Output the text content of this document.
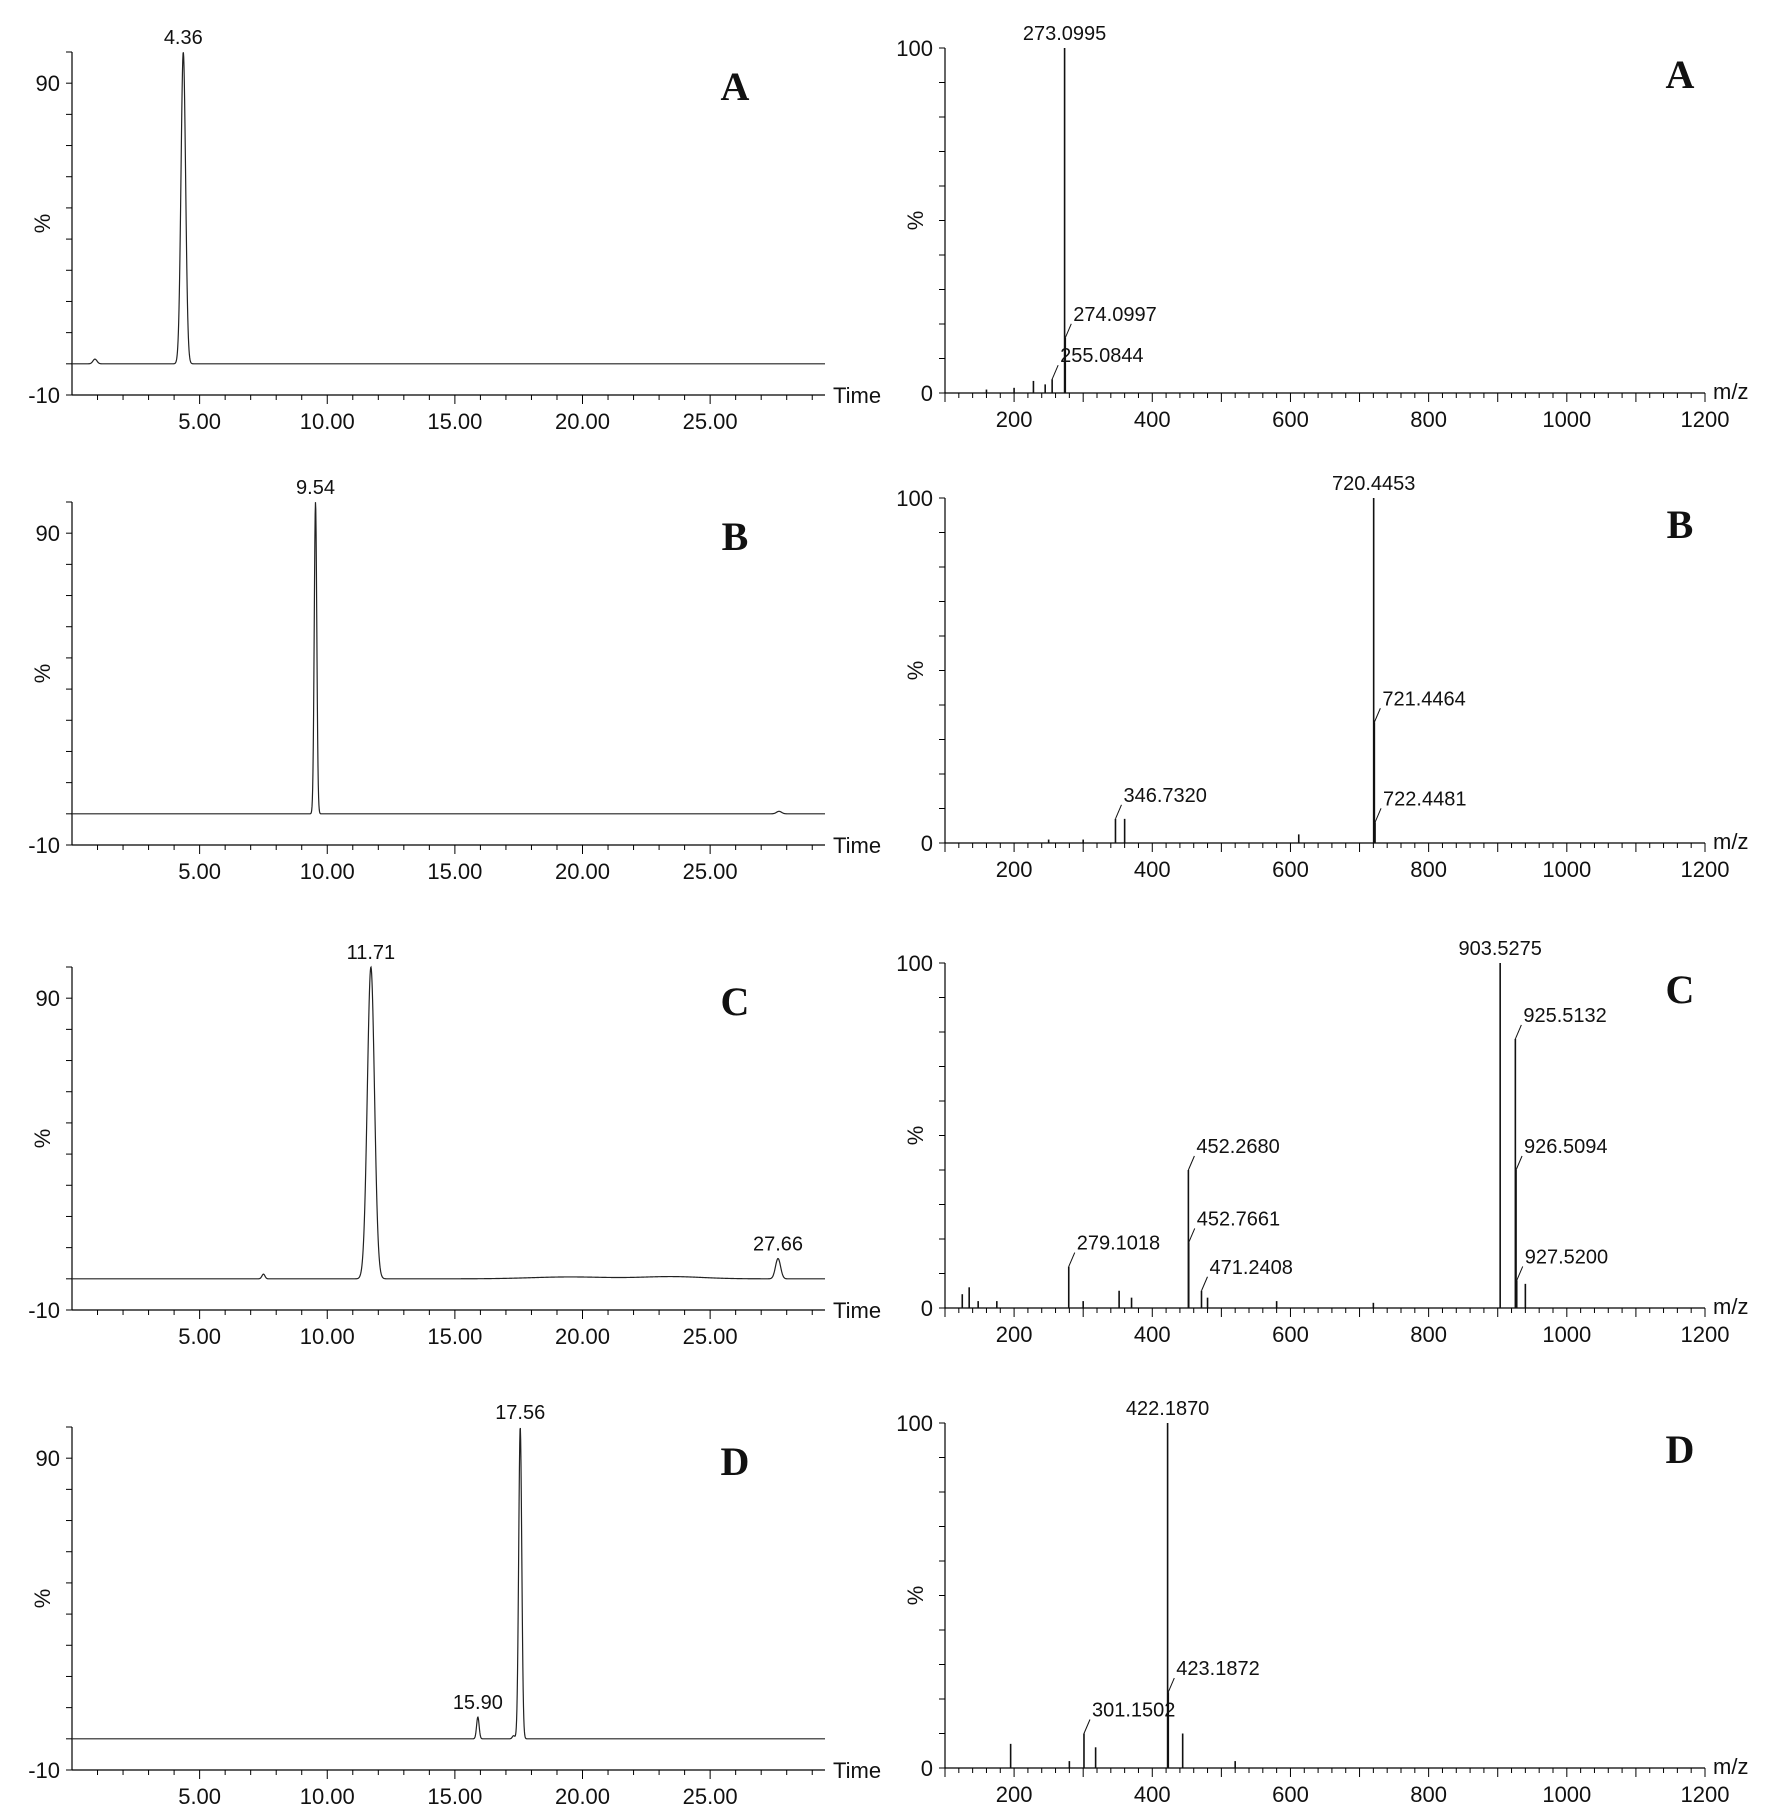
5.00	10.00	15.00	20.00	25.00
-10
90
%
Time
A
4.36
200	400	600	800	1000	1200
0
100
%
m/z
A
255.0844
273.0995
274.0997
5.00	10.00	15.00	20.00	25.00
-10
90
%
Time
B
9.54
200	400	600	800	1000	1200
0
100
%
m/z
B
346.7320
720.4453
721.4464
722.4481
5.00	10.00	15.00	20.00	25.00
-10
90
%
Time
C
11.71
27.66
200	400	600	800	1000	1200
0
100
%
m/z
C
279.1018
452.2680
452.7661
471.2408
903.5275
925.5132
926.5094
927.5200
5.00	10.00	15.00	20.00	25.00
-10
90
%
Time
D
15.90
17.56
200	400	600	800	1000	1200
0
100
%
m/z
D
301.1502
422.1870
423.1872
